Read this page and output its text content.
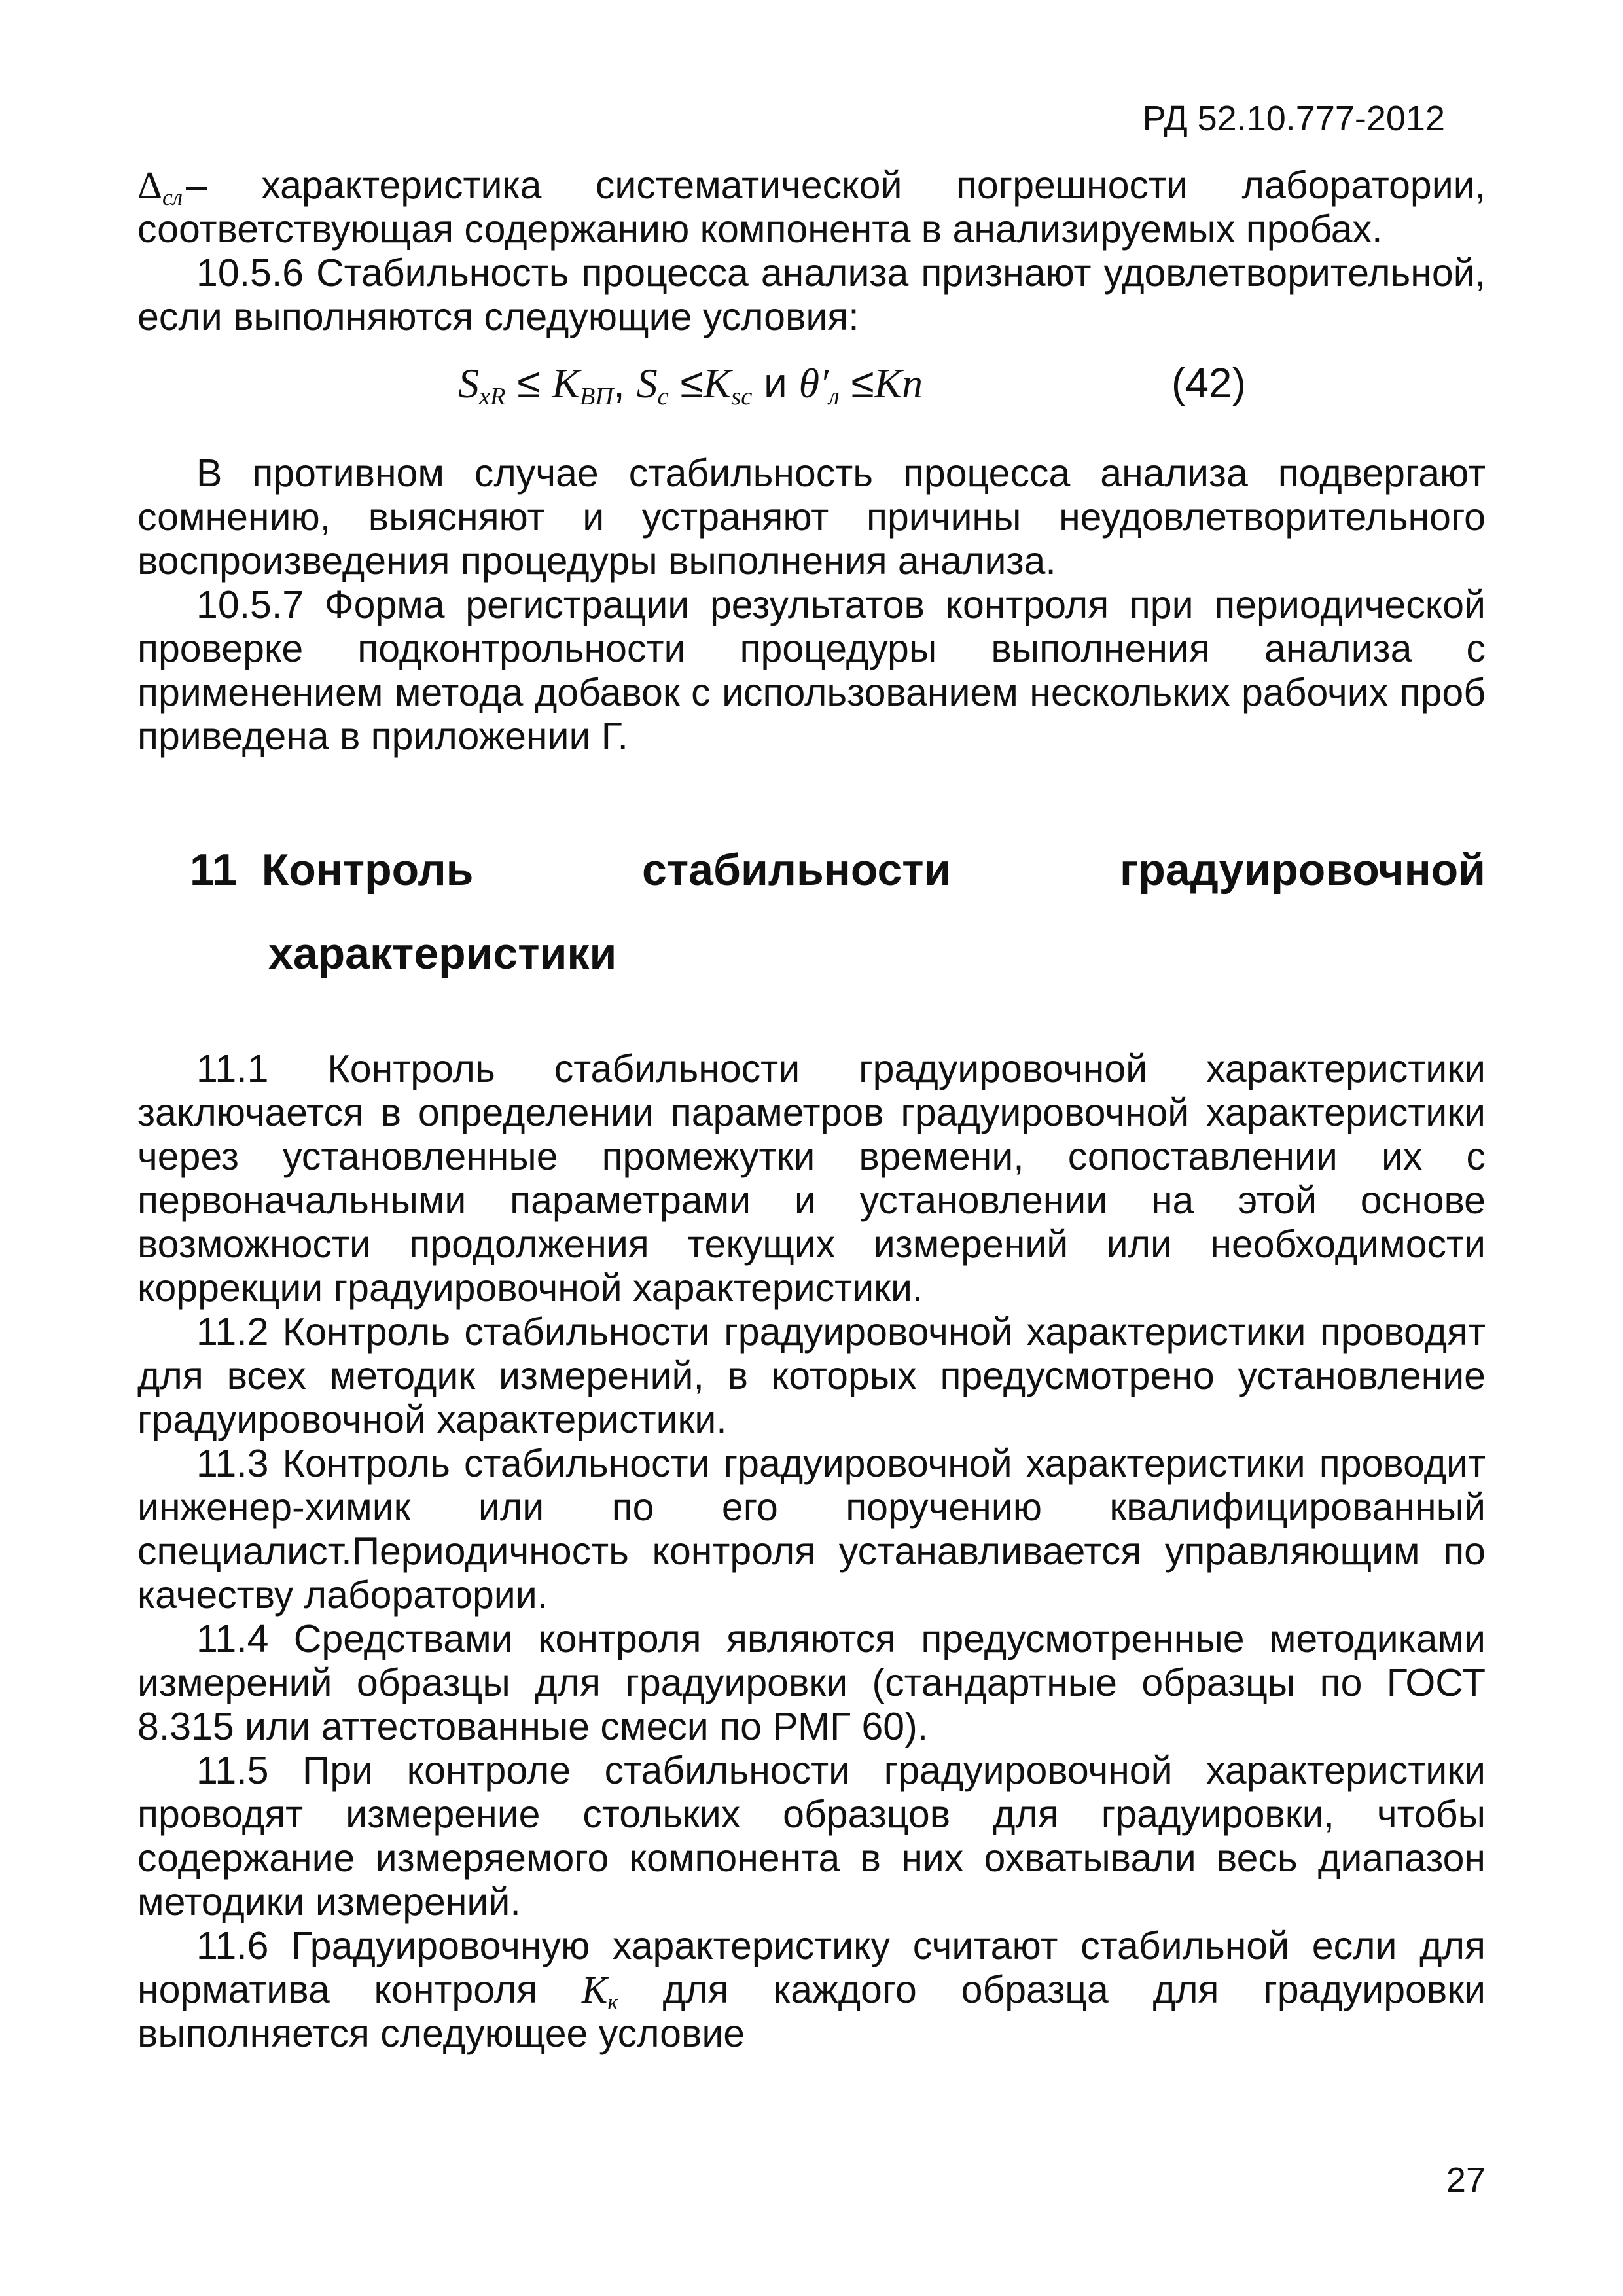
РД 52.10.777-2012

$\Delta_{сл}$ – характеристика систематической погрешности лаборатории, соответствующая содержанию компонента в анализируемых пробах.

10.5.6 Стабильность процесса анализа признают удовлетворительной, если выполняются следующие условия:

$S_{xR} \le K_{ВП}$, $S_c \le K_{sc}$ и $\theta'_л \le Кп$	(42)

В противном случае стабильность процесса анализа подвергают сомнению, выясняют и устраняют причины неудовлетворительного воспроизведения процедуры выполнения анализа.

10.5.7 Форма регистрации результатов контроля при периодической проверке подконтрольности процедуры выполнения анализа с применением метода добавок с использованием нескольких рабочих проб приведена в приложении Г.

11 Контроль	стабильности	градуировочной
характеристики

11.1 Контроль стабильности градуировочной характеристики заключается в определении параметров градуировочной характеристики через установленные промежутки времени, сопоставлении их с первоначальными параметрами и установлении на этой основе возможности продолжения текущих измерений или необходимости коррекции градуировочной характеристики.

11.2 Контроль стабильности градуировочной характеристики проводят для всех методик измерений, в которых предусмотрено установление градуировочной характеристики.

11.3 Контроль стабильности градуировочной характеристики проводит инженер-химик или по его поручению квалифицированный специалист.Периодичность контроля устанавливается управляющим по качеству лаборатории.

11.4 Средствами контроля являются предусмотренные методиками измерений образцы для градуировки (стандартные образцы по ГОСТ 8.315 или аттестованные смеси по РМГ 60).

11.5 При контроле стабильности градуировочной характеристики проводят измерение стольких образцов для градуировки, чтобы содержание измеряемого компонента в них охватывали весь диапазон методики измерений.

11.6 Градуировочную характеристику считают стабильной если для норматива контроля $K_к$ для каждого образца для градуировки выполняется следующее условие

27
